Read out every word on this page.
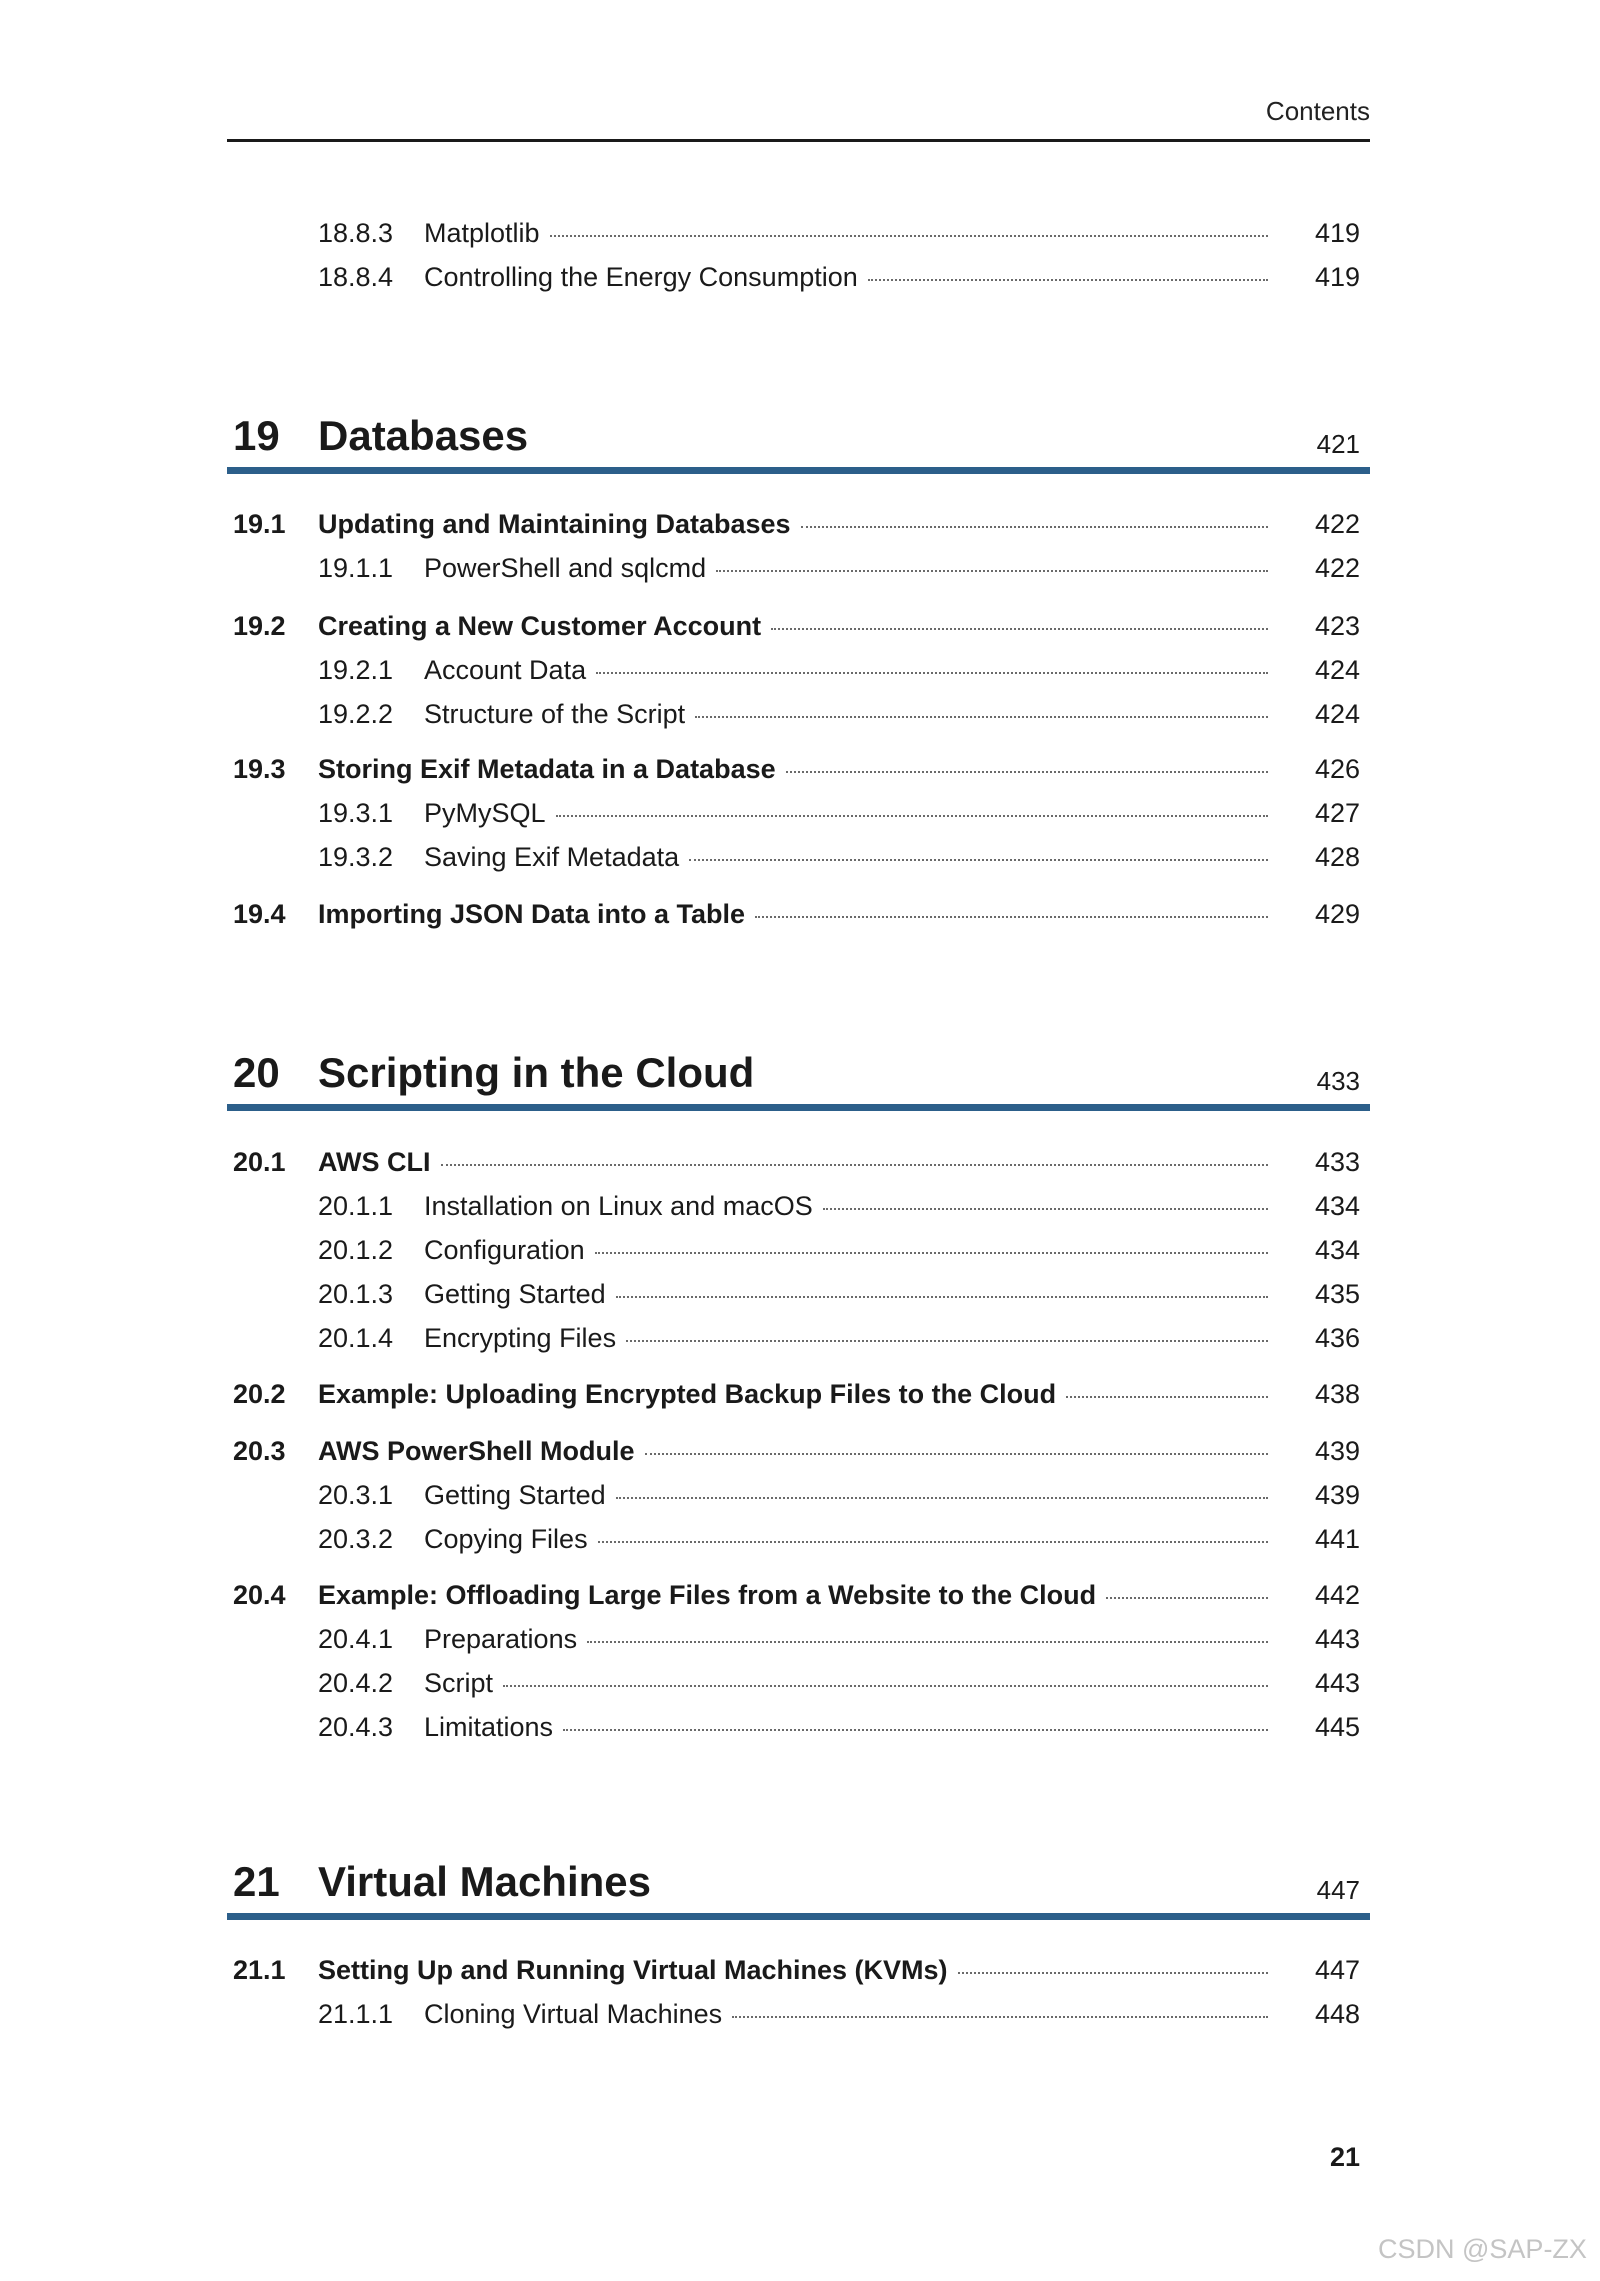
Contents
18.8.3	Matplotlib	419
18.8.4	Controlling the Energy Consumption	419
19 Databases	421
19.1	Updating and Maintaining Databases	422
19.1.1	PowerShell and sqlcmd	422
19.2	Creating a New Customer Account	423
19.2.1	Account Data	424
19.2.2	Structure of the Script	424
19.3	Storing Exif Metadata in a Database	426
19.3.1	PyMySQL	427
19.3.2	Saving Exif Metadata	428
19.4	Importing JSON Data into a Table	429
20 Scripting in the Cloud	433
20.1	AWS CLI	433
20.1.1	Installation on Linux and macOS	434
20.1.2	Configuration	434
20.1.3	Getting Started	435
20.1.4	Encrypting Files	436
20.2	Example: Uploading Encrypted Backup Files to the Cloud	438
20.3	AWS PowerShell Module	439
20.3.1	Getting Started	439
20.3.2	Copying Files	441
20.4	Example: Offloading Large Files from a Website to the Cloud	442
20.4.1	Preparations	443
20.4.2	Script	443
20.4.3	Limitations	445
21 Virtual Machines	447
21.1	Setting Up and Running Virtual Machines (KVMs)	447
21.1.1	Cloning Virtual Machines	448
21
CSDN @SAP-ZX
